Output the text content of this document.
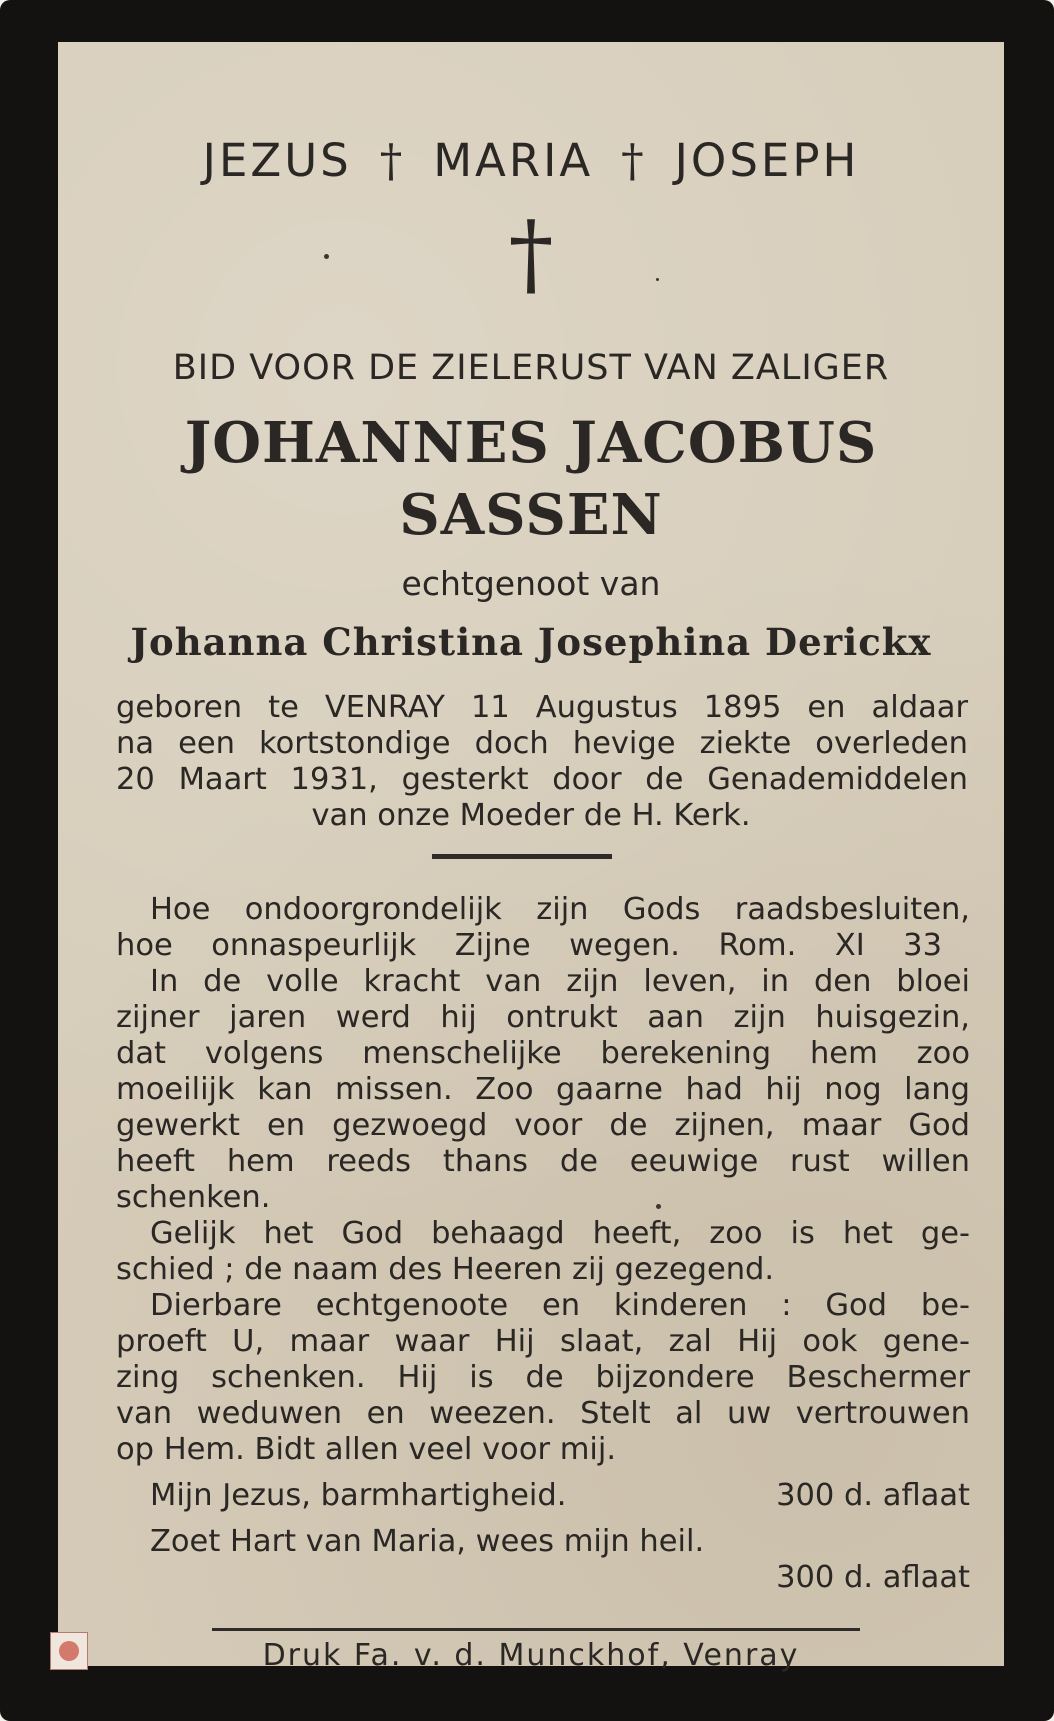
JEZUS † MARIA † JOSEPH
†
BID VOOR DE ZIELERUST VAN ZALIGER
JOHANNES JACOBUS
SASSEN
echtgenoot van
Johanna Christina Josephina Derickx
geboren te VENRAY 11 Augustus 1895 en aldaar
na een kortstondige doch hevige ziekte overleden
20 Maart 1931, gesterkt door de Genademiddelen
van onze Moeder de H. Kerk.
Hoe ondoorgrondelijk zijn Gods raadsbesluiten,
hoe onnaspeurlijk Zijne wegen. Rom. XI 33
In de volle kracht van zijn leven, in den bloei
zijner jaren werd hij ontrukt aan zijn huisgezin,
dat volgens menschelijke berekening hem zoo
moeilijk kan missen. Zoo gaarne had hij nog lang
gewerkt en gezwoegd voor de zijnen, maar God
heeft hem reeds thans de eeuwige rust willen
schenken.
Gelijk het God behaagd heeft, zoo is het ge-
schied ; de naam des Heeren zij gezegend.
Dierbare echtgenoote en kinderen : God be-
proeft U, maar waar Hij slaat, zal Hij ook gene-
zing schenken. Hij is de bijzondere Beschermer
van weduwen en weezen. Stelt al uw vertrouwen
op Hem. Bidt allen veel voor mij.
Mijn Jezus, barmhartigheid.	300 d. aflaat
Zoet Hart van Maria, wees mijn heil.
300 d. aflaat
Druk Fa. v. d. Munckhof, Venray
